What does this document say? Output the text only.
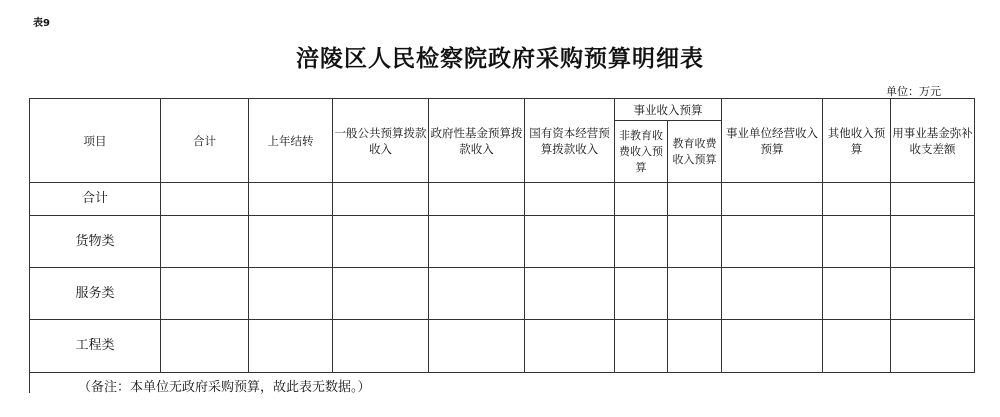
表9
涪陵区人民检察院政府采购预算明细表
单位：万元
项目	合计	上年结转	一般公共预算拨款收入	政府性基金预算拨款收入	国有资本经营预算拨款收入	事业收入预算		事业单位经营收入预算	其他收入预算	用事业基金弥补收支差额
						非教育收费收入预算	教育收费收入预算			
合计										
货物类										
服务类										
工程类										
（备注：本单位无政府采购预算，故此表无数据。）
